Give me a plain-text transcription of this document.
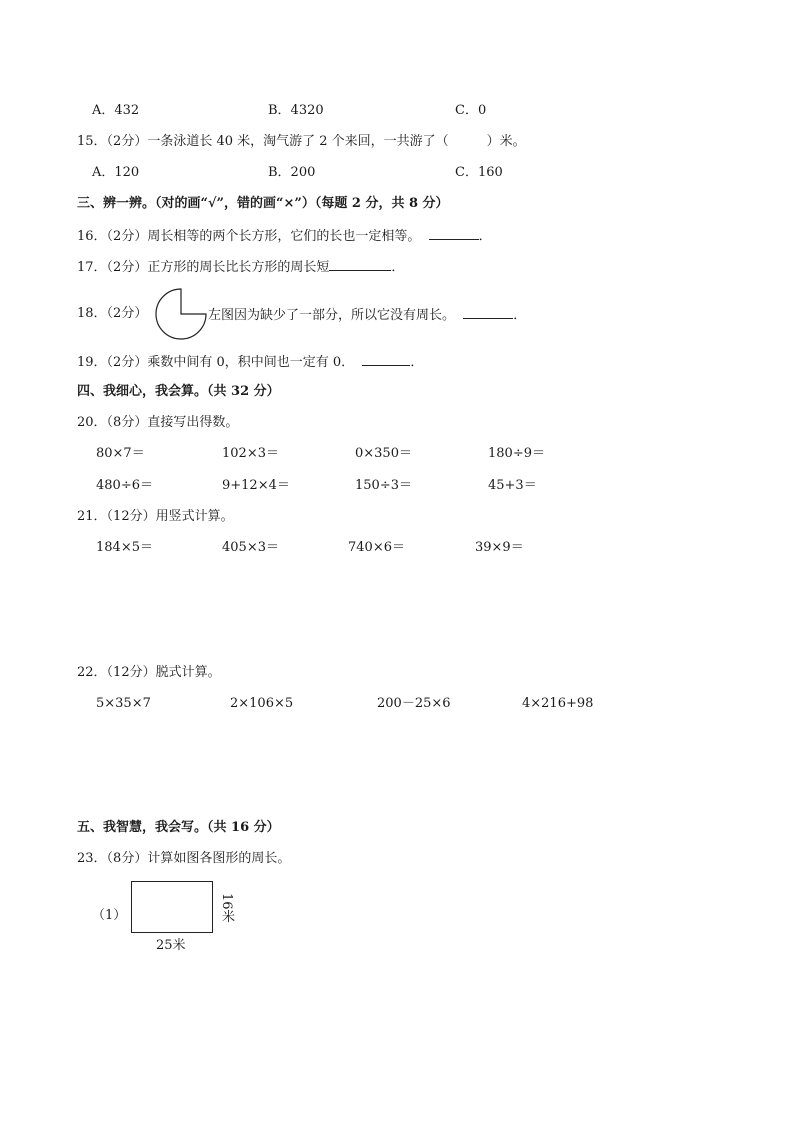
A．432	B．4320	C．0
15．（2分）一条泳道长 40 米，淘气游了 2 个来回，一共游了（	）米。
A．120	B．200	C．160
三、辨一辨。（对的画“√”，错的画“×”）（每题 2 分，共 8 分）
16．（2分）周长相等的两个长方形，它们的长也一定相等。	．
17．（2分）正方形的周长比长方形的周长短	．
18．（2分）	左图因为缺少了一部分，所以它没有周长。	．
19．（2分）乘数中间有 0，积中间也一定有 0．	．
四、我细心，我会算。（共 32 分）
20．（8分）直接写出得数。
80×7＝	102×3＝	0×350＝	180÷9＝
480÷6＝	9+12×4＝	150÷3＝	45+3＝
21．（12分）用竖式计算。
184×5＝	405×3＝	740×6＝	39×9＝
22．（12分）脱式计算。
5×35×7	2×106×5	200－25×6	4×216+98
五、我智慧，我会写。（共 16 分）
23．（8分）计算如图各图形的周长。
（1）
25米
16米
